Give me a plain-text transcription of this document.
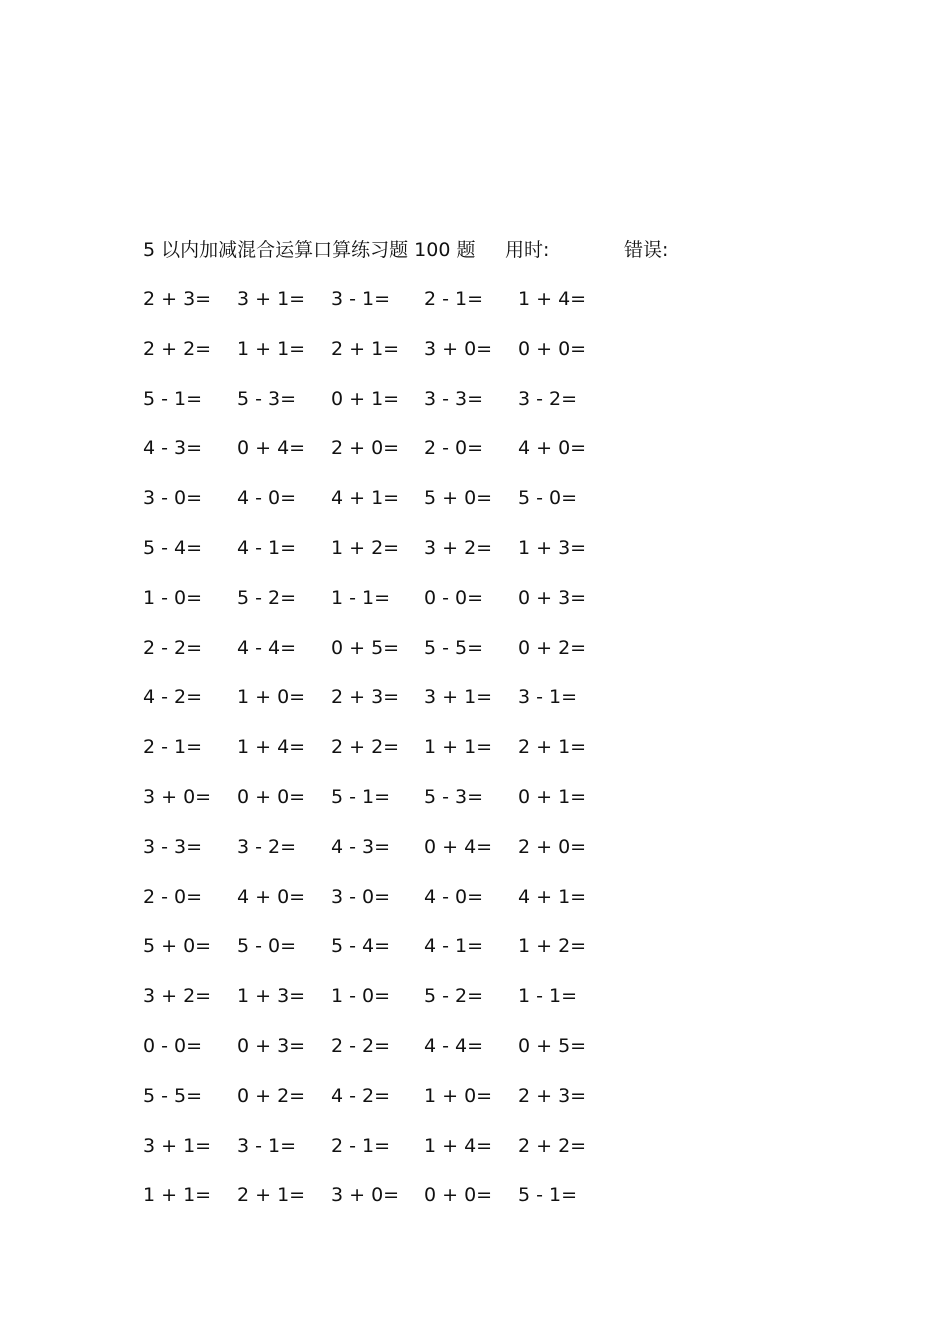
5 以内加减混合运算口算练习题 100 题 用时:	错误:
2 + 3= 3 + 1= 3 - 1= 2 - 1= 1 + 4=
2 + 2= 1 + 1= 2 + 1= 3 + 0= 0 + 0=
5 - 1= 5 - 3= 0 + 1= 3 - 3= 3 - 2=
4 - 3= 0 + 4= 2 + 0= 2 - 0= 4 + 0=
3 - 0= 4 - 0= 4 + 1= 5 + 0= 5 - 0=
5 - 4= 4 - 1= 1 + 2= 3 + 2= 1 + 3=
1 - 0= 5 - 2= 1 - 1= 0 - 0= 0 + 3=
2 - 2= 4 - 4= 0 + 5= 5 - 5= 0 + 2=
4 - 2= 1 + 0= 2 + 3= 3 + 1= 3 - 1=
2 - 1= 1 + 4= 2 + 2= 1 + 1= 2 + 1=
3 + 0= 0 + 0= 5 - 1= 5 - 3= 0 + 1=
3 - 3= 3 - 2= 4 - 3= 0 + 4= 2 + 0=
2 - 0= 4 + 0= 3 - 0= 4 - 0= 4 + 1=
5 + 0= 5 - 0= 5 - 4= 4 - 1= 1 + 2=
3 + 2= 1 + 3= 1 - 0= 5 - 2= 1 - 1=
0 - 0= 0 + 3= 2 - 2= 4 - 4= 0 + 5=
5 - 5= 0 + 2= 4 - 2= 1 + 0= 2 + 3=
3 + 1= 3 - 1= 2 - 1= 1 + 4= 2 + 2=
1 + 1= 2 + 1= 3 + 0= 0 + 0= 5 - 1=
